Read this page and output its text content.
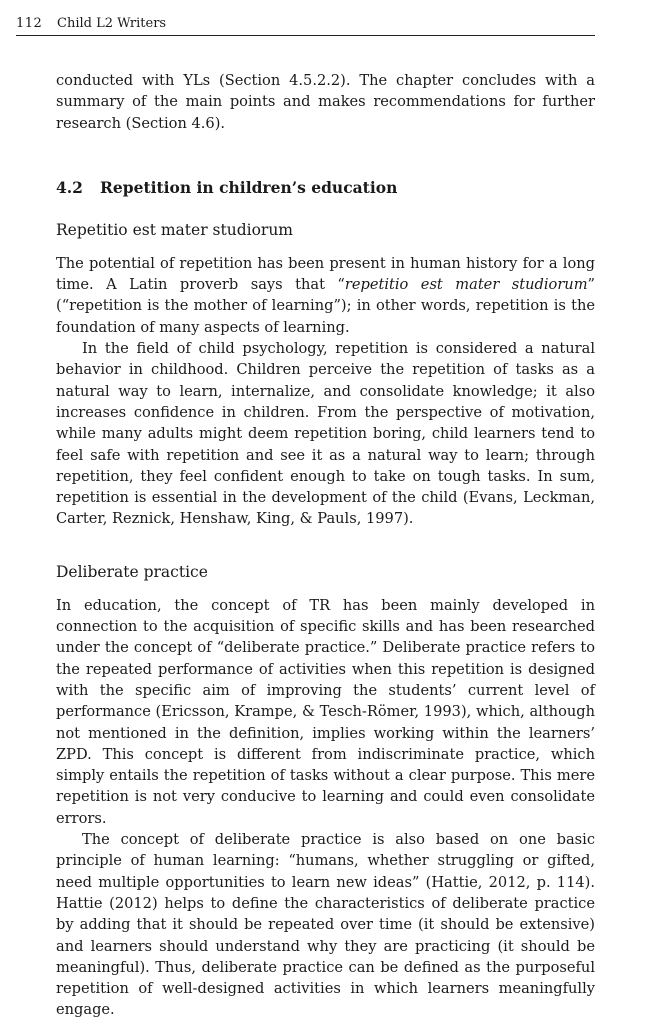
112 Child L2 Writers

conducted with YLs (Section 4.5.2.2). The chapter concludes with a summary of the main points and makes recommendations for further research (Section 4.6).

4.2 Repetition in children’s education
Repetitio est mater studiorum

The potential of repetition has been present in human history for a long time. A Latin proverb says that “repetitio est mater studiorum” (“repetition is the mother of learning”); in other words, repetition is the foundation of many aspects of learning.

In the field of child psychology, repetition is considered a natural behavior in childhood. Children perceive the repetition of tasks as a natural way to learn, internalize, and consolidate knowledge; it also increases confidence in children. From the perspective of motivation, while many adults might deem repetition boring, child learners tend to feel safe with repetition and see it as a natural way to learn; through repetition, they feel confident enough to take on tough tasks. In sum, repetition is essential in the development of the child (Evans, Leckman, Carter, Reznick, Henshaw, King, & Pauls, 1997).

Deliberate practice

In education, the concept of TR has been mainly developed in connection to the acquisition of specific skills and has been researched under the concept of “deliberate practice.” Deliberate practice refers to the repeated performance of activities when this repetition is designed with the specific aim of improving the students’ current level of performance (Ericsson, Krampe, & Tesch-Römer, 1993), which, although not mentioned in the definition, implies working within the learners’ ZPD. This concept is different from indiscriminate practice, which simply entails the repetition of tasks without a clear purpose. This mere repetition is not very conducive to learning and could even consolidate errors.

The concept of deliberate practice is also based on one basic principle of human learning: “humans, whether struggling or gifted, need multiple opportunities to learn new ideas” (Hattie, 2012, p. 114). Hattie (2012) helps to define the characteristics of deliberate practice by adding that it should be repeated over time (it should be extensive) and learners should understand why they are practicing (it should be meaningful). Thus, deliberate practice can be defined as the purposeful repetition of well-designed activities in which learners meaningfully engage.
